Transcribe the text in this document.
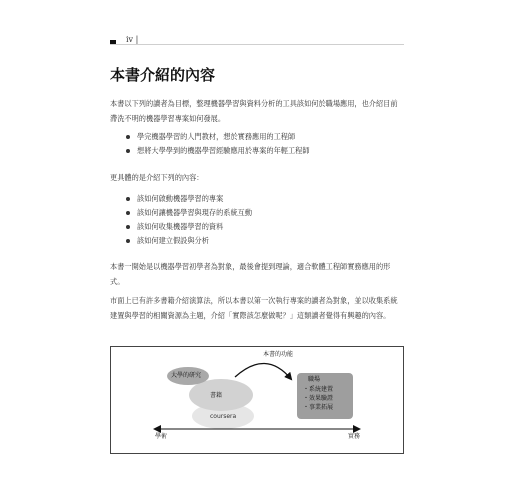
iv |
本書介紹的內容

本書以下列的讀者為目標，整理機器學習與資料分析的工具該如何於職場應用，也介紹目前滯洗不明的機器學習專案如何發展。

學完機器學習的人門教材，想於實務應用的工程師
想將大學學到的機器學習經驗應用於專案的年輕工程師

更具體的是介紹下列的內容：

該如何啟動機器學習的專案
該如何讓機器學習與現存的系統互動
該如何收集機器學習的資料
該如何建立假設與分析

本書一開始是以機器學習初學者為對象，最後會提到理論，適合軟體工程師實務應用的形式。

市面上已有許多書籍介紹演算法，所以本書以第一次執行專案的讀者為對象，並以收集系統建置與學習的相關資源為主題，介紹「實際該怎麼做呢？」這類讀者覺得有興趣的內容。

本書的功能
大學的研究
書籍
coursera
職場
・系統建置
・效果驗證
・事業拓展
學術	實務
